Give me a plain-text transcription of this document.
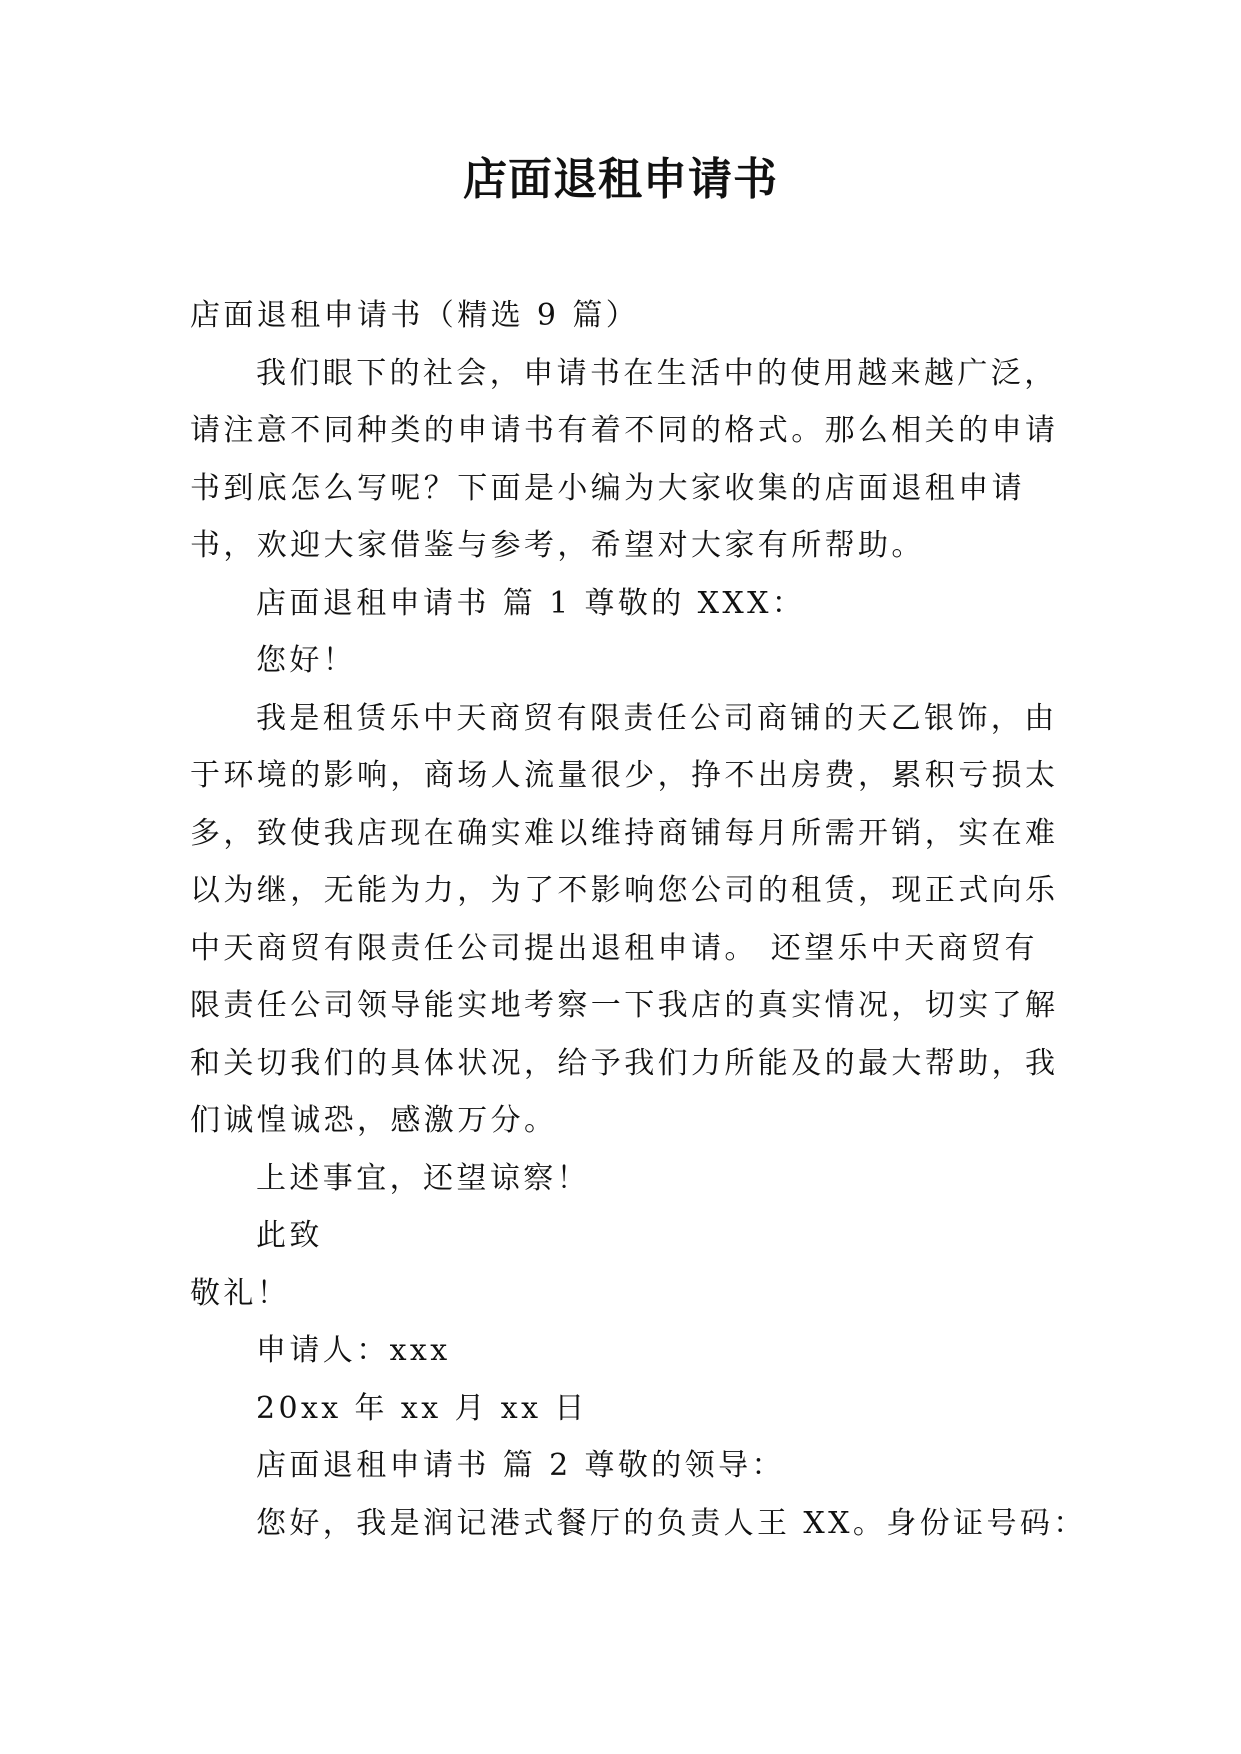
店面退租申请书
店面退租申请书（精选 9 篇）
我们眼下的社会，申请书在生活中的使用越来越广泛，
请注意不同种类的申请书有着不同的格式。那么相关的申请
书到底怎么写呢？下面是小编为大家收集的店面退租申请
书，欢迎大家借鉴与参考，希望对大家有所帮助。
店面退租申请书 篇 1 尊敬的 XXX：
您好！
我是租赁乐中天商贸有限责任公司商铺的天乙银饰，由
于环境的影响，商场人流量很少，挣不出房费，累积亏损太
多，致使我店现在确实难以维持商铺每月所需开销，实在难
以为继，无能为力，为了不影响您公司的租赁，现正式向乐
中天商贸有限责任公司提出退租申请。 还望乐中天商贸有
限责任公司领导能实地考察一下我店的真实情况，切实了解
和关切我们的具体状况，给予我们力所能及的最大帮助，我
们诚惶诚恐，感激万分。
上述事宜，还望谅察！
此致
敬礼！
申请人：xxx
20xx 年 xx 月 xx 日
店面退租申请书 篇 2 尊敬的领导：
您好，我是润记港式餐厅的负责人王 XX。身份证号码：
